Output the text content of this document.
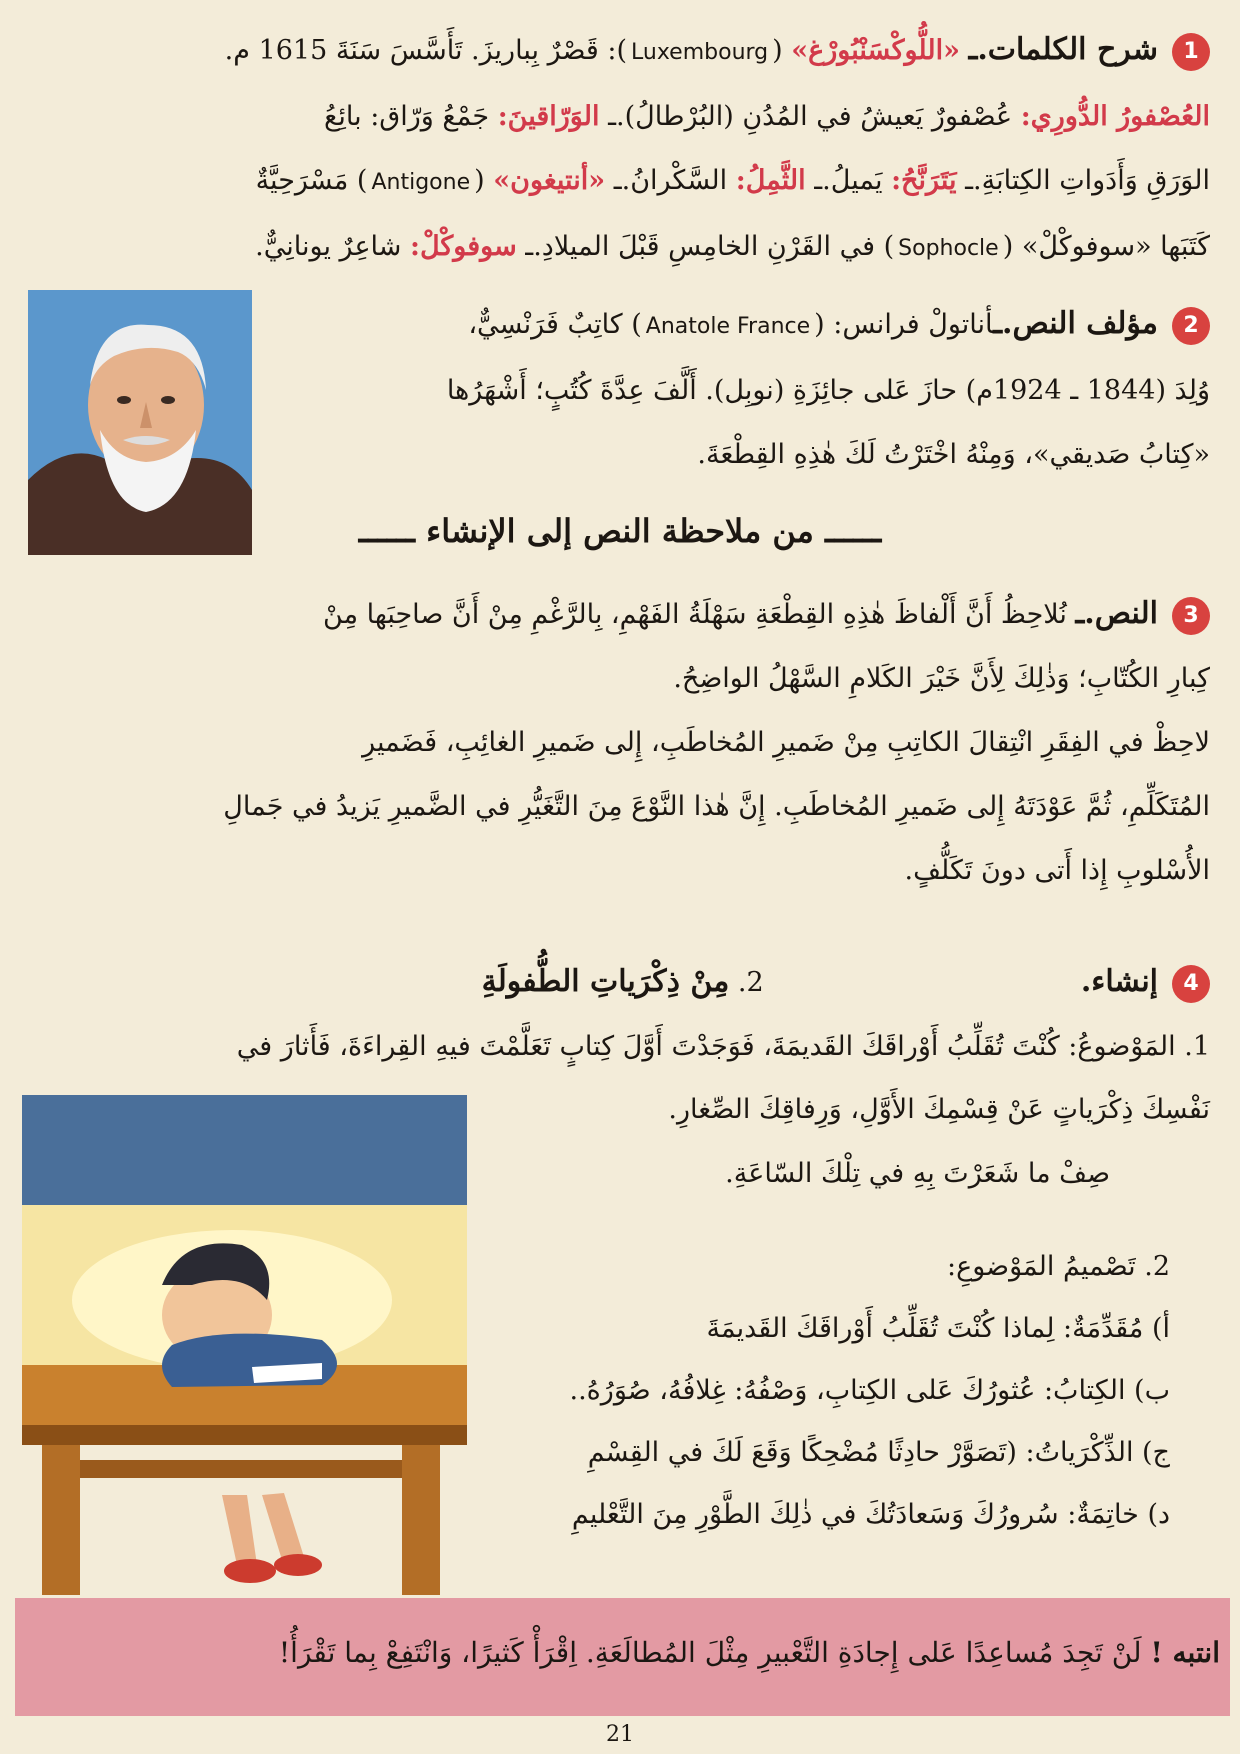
1شرح الكلمات.ـ «اللُّوكْسَنْبُورْغ» (Luxembourg): قَصْرٌ بِباريزَ. تَأَسَّسَ سَنَةَ 1615 م.
العُصْفورُ الدُّورِي: عُصْفورٌ يَعيشُ في المُدُنِ (البُرْطالُ).ـ الوَرّاقينَ: جَمْعُ وَرّاق: بائِعُ
الوَرَقِ وَأَدَواتِ الكِتابَةِ.ـ يَتَرَنَّحُ: يَميلُ.ـ الثَّمِلُ: السَّكْرانُ.ـ «أنتيغون» (Antigone) مَسْرَحِيَّةٌ
كَتَبَها «سوفوكْلْ» (Sophocle) في القَرْنِ الخامِسِ قَبْلَ الميلادِ.ـ سوفوكْلْ: شاعِرٌ يونانِيٌّ.
2مؤلف النص.ـأناتولْ فرانس: (Anatole France) كاتِبٌ فَرَنْسِيٌّ،
وُلِدَ (1844 ـ 1924م) حازَ عَلى جائِزَةِ (نوبِل). أَلَّفَ عِدَّةَ كُتُبٍ؛ أَشْهَرُها
«كِتابُ صَديقي»، وَمِنْهُ اخْتَرْتُ لَكَ هٰذِهِ القِطْعَةَ.
ــــــ من ملاحظة النص إلى الإنشاء ــــــ
3النص.ـ نُلاحِظُ أَنَّ أَلْفاظَ هٰذِهِ القِطْعَةِ سَهْلَةُ الفَهْمِ، بِالرَّغْمِ مِنْ أَنَّ صاحِبَها مِنْ
كِبارِ الكُتّابِ؛ وَذٰلِكَ لِأَنَّ خَيْرَ الكَلامِ السَّهْلُ الواضِحُ.
لاحِظْ في الفِقَرِ انْتِقالَ الكاتِبِ مِنْ ضَميرِ المُخاطَبِ، إِلى ضَميرِ الغائِبِ، فَضَميرِ
المُتَكَلِّمِ، ثُمَّ عَوْدَتَهُ إِلى ضَميرِ المُخاطَبِ. إِنَّ هٰذا النَّوْعَ مِنَ التَّغَيُّرِ في الضَّميرِ يَزيدُ في جَمالِ
الأُسْلوبِ إِذا أَتى دونَ تَكَلُّفٍ.
4إنشاء.  2. مِنْ ذِكْرَياتِ الطُّفولَةِ
1. المَوْضوعُ: كُنْتَ تُقَلِّبُ أَوْراقَكَ القَديمَةَ، فَوَجَدْتَ أَوَّلَ كِتابٍ تَعَلَّمْتَ فيهِ القِراءَةَ، فَأَثارَ في
نَفْسِكَ ذِكْرَياتٍ عَنْ قِسْمِكَ الأَوَّلِ، وَرِفاقِكَ الصِّغارِ.
صِفْ ما شَعَرْتَ بِهِ في تِلْكَ السّاعَةِ.
2. تَصْميمُ المَوْضوعِ:
أ) مُقَدِّمَةٌ: لِماذا كُنْتَ تُقَلِّبُ أَوْراقَكَ القَديمَةَ
ب) الكِتابُ: عُثورُكَ عَلى الكِتابِ، وَصْفُهُ: غِلافُهُ، صُوَرُهُ..
ج) الذِّكْرَياتُ: (تَصَوَّرْ حادِثًا مُضْحِكًا وَقَعَ لَكَ في القِسْمِ
د) خاتِمَةٌ: سُرورُكَ وَسَعادَتُكَ في ذٰلِكَ الطَّوْرِ مِنَ التَّعْليمِ
انتبه ! لَنْ تَجِدَ مُساعِدًا عَلى إِجادَةِ التَّعْبيرِ مِثْلَ المُطالَعَةِ. اِقْرَأْ كَثيرًا، وَانْتَفِعْ بِما تَقْرَأُ!
21
